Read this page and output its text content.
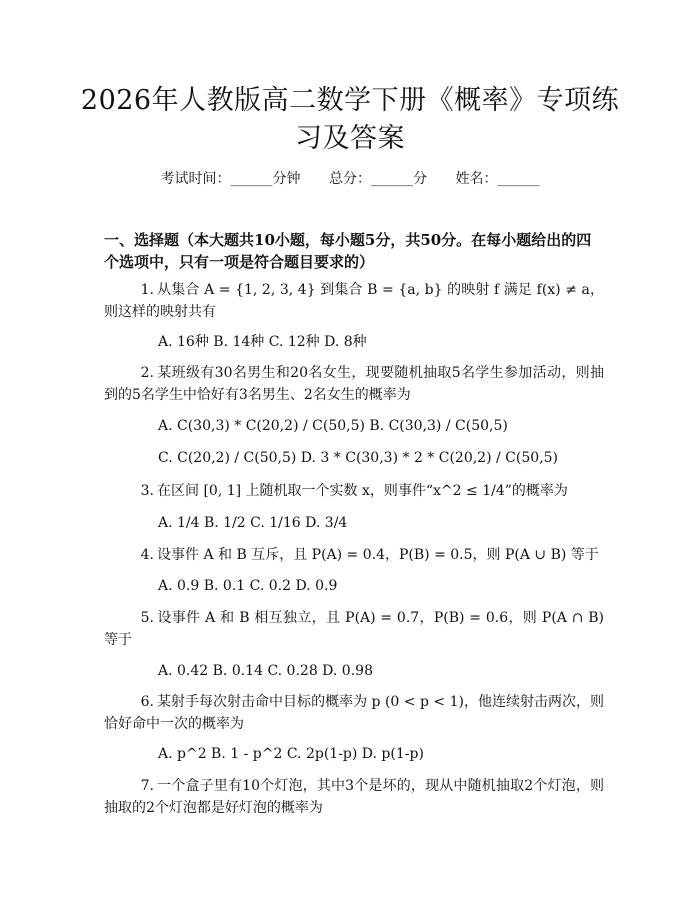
2026年人教版高二数学下册《概率》专项练习及答案
考试时间：______分钟 总分：______分 姓名：______

一、选择题（本大题共10小题，每小题5分，共50分。在每小题给出的四个选项中，只有一项是符合题目要求的）

1. 从集合 A = {1, 2, 3, 4} 到集合 B = {a, b} 的映射 f 满足 f(x) ≠ a，则这样的映射共有

A. 16种 B. 14种 C. 12种 D. 8种

2. 某班级有30名男生和20名女生，现要随机抽取5名学生参加活动，则抽到的5名学生中恰好有3名男生、2名女生的概率为

A. C(30,3) * C(20,2) / C(50,5) B. C(30,3) / C(50,5)

C. C(20,2) / C(50,5) D. 3 * C(30,3) * 2 * C(20,2) / C(50,5)

3. 在区间 [0, 1] 上随机取一个实数 x，则事件“x^2 ≤ 1/4”的概率为

A. 1/4 B. 1/2 C. 1/16 D. 3/4

4. 设事件 A 和 B 互斥，且 P(A) = 0.4，P(B) = 0.5，则 P(A ∪ B) 等于

A. 0.9 B. 0.1 C. 0.2 D. 0.9

5. 设事件 A 和 B 相互独立，且 P(A) = 0.7，P(B) = 0.6，则 P(A ∩ B) 等于

A. 0.42 B. 0.14 C. 0.28 D. 0.98

6. 某射手每次射击命中目标的概率为 p (0 < p < 1)，他连续射击两次，则恰好命中一次的概率为

A. p^2 B. 1 - p^2 C. 2p(1-p) D. p(1-p)

7. 一个盒子里有10个灯泡，其中3个是坏的，现从中随机抽取2个灯泡，则抽取的2个灯泡都是好灯泡的概率为
